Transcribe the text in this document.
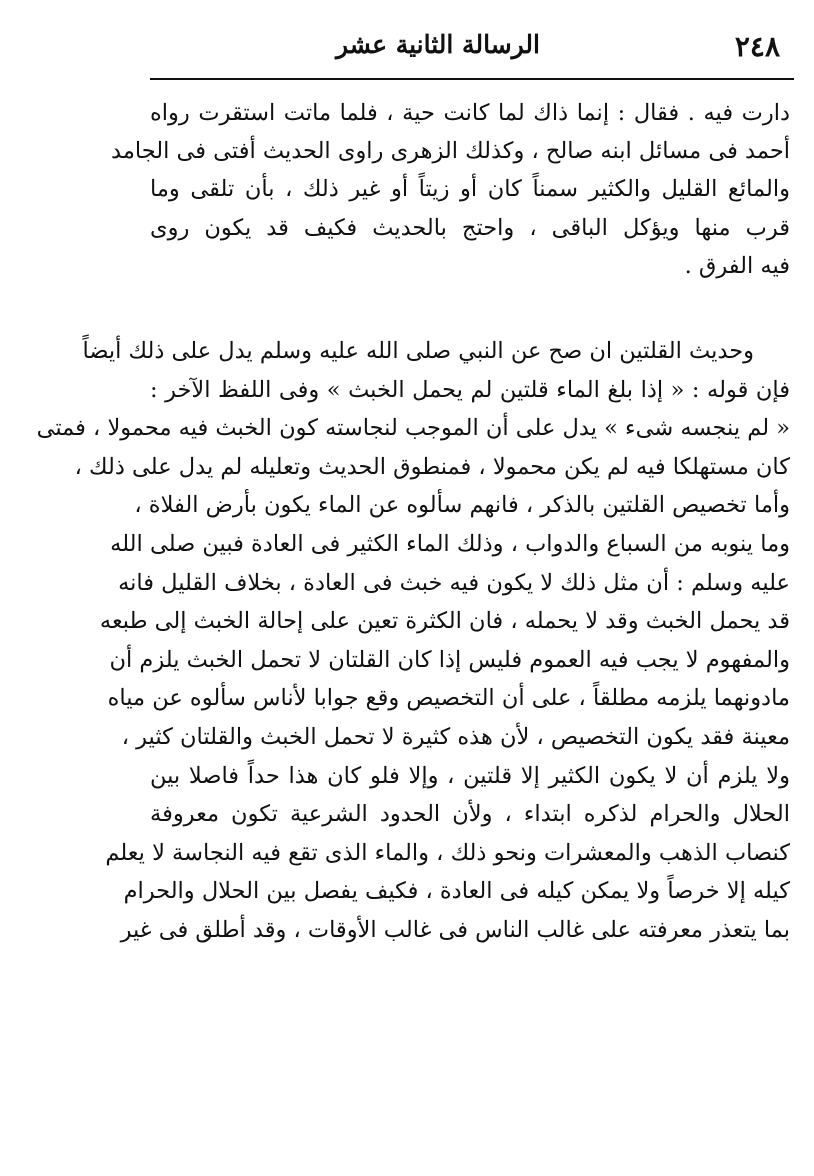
٢٤٨
الرسالة الثانية عشر
دارت فيه . فقال : إنما ذاك لما كانت حية ، فلما ماتت استقرت رواه
أحمد فى مسائل ابنه صالح ، وكذلك الزهرى راوى الحديث أفتى فى الجامد
والمائع القليل والكثير سمناً كان أو زيتاً أو غير ذلك ، بأن تلقى وما
قرب منها ويؤكل الباقى ، واحتج بالحديث فكيف قد يكون روى
فيه الفرق .
وحديث القلتين ان صح عن النبي صلى الله عليه وسلم يدل على ذلك أيضاً
فإن قوله : « إذا بلغ الماء قلتين لم يحمل الخبث » وفى اللفظ الآخر :
« لم ينجسه شىء » يدل على أن الموجب لنجاسته كون الخبث فيه محمولا ، فمتى
كان مستهلكا فيه لم يكن محمولا ، فمنطوق الحديث وتعليله لم يدل على ذلك ،
وأما تخصيص القلتين بالذكر ، فانهم سألوه عن الماء يكون بأرض الفلاة ،
وما ينوبه من السباع والدواب ، وذلك الماء الكثير فى العادة فبين صلى الله
عليه وسلم : أن مثل ذلك لا يكون فيه خبث فى العادة ، بخلاف القليل فانه
قد يحمل الخبث وقد لا يحمله ، فان الكثرة تعين على إحالة الخبث إلى طبعه
والمفهوم لا يجب فيه العموم فليس إذا كان القلتان لا تحمل الخبث يلزم أن
مادونهما يلزمه مطلقاً ، على أن التخصيص وقع جوابا لأناس سألوه عن مياه
معينة فقد يكون التخصيص ، لأن هذه كثيرة لا تحمل الخبث والقلتان كثير ،
ولا يلزم أن لا يكون الكثير إلا قلتين ، وإلا فلو كان هذا حداً فاصلا بين
الحلال والحرام لذكره ابتداء ، ولأن الحدود الشرعية تكون معروفة
كنصاب الذهب والمعشرات ونحو ذلك ، والماء الذى تقع فيه النجاسة لا يعلم
كيله إلا خرصاً ولا يمكن كيله فى العادة ، فكيف يفصل بين الحلال والحرام
بما يتعذر معرفته على غالب الناس فى غالب الأوقات ، وقد أطلق فى غير
